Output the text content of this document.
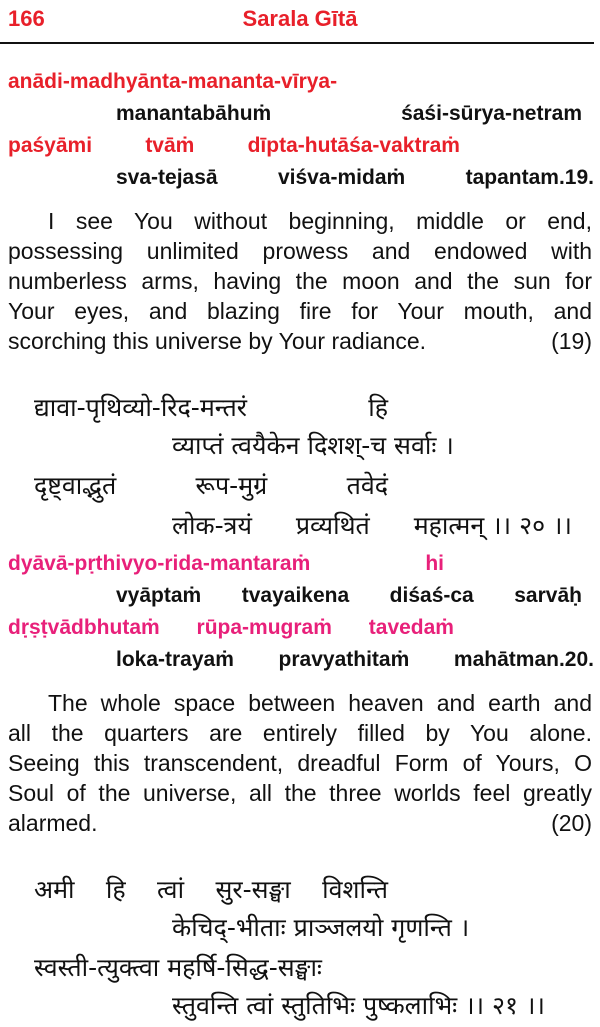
166	Sarala Gītā
anādi-madhyānta-mananta-vīrya-
manantabāhuṁ	śaśi-sūrya-netram
paśyāmi	tvāṁ	dīpta-hutāśa-vaktraṁ
sva-tejasā	viśva-midaṁ	tapantam.19.
I see You without beginning, middle or end,
possessing unlimited prowess and endowed with
numberless arms, having the moon and the sun for
Your eyes, and blazing fire for Your mouth, and
scorching this universe by Your radiance.	(19)
द्यावा-पृथिव्यो-रिद-मन्तरं	हि
व्याप्तं त्वयैकेन दिशश्-च सर्वाः ।
दृष्ट्वाद्भुतं	रूप-मुग्रं	तवेदं
लोक-त्रयं प्रव्यथितं महात्मन् ।। २० ।।
dyāvā-pṛthivyo-rida-mantaraṁ	hi
vyāptaṁ tvayaikena diśaś-ca sarvāḥ
dṛṣṭvādbhutaṁ rūpa-mugraṁ tavedaṁ
loka-trayaṁ pravyathitaṁ mahātman.20.
The whole space between heaven and earth and
all the quarters are entirely filled by You alone.
Seeing this transcendent, dreadful Form of Yours, O
Soul of the universe, all the three worlds feel greatly
alarmed.	(20)
अमी हि त्वां सुर-सङ्घा विशन्ति
केचिद्-भीताः प्राञ्जलयो गृणन्ति ।
स्वस्ती-त्युक्त्वा महर्षि-सिद्ध-सङ्घाः
स्तुवन्ति त्वां स्तुतिभिः पुष्कलाभिः ।। २१ ।।
